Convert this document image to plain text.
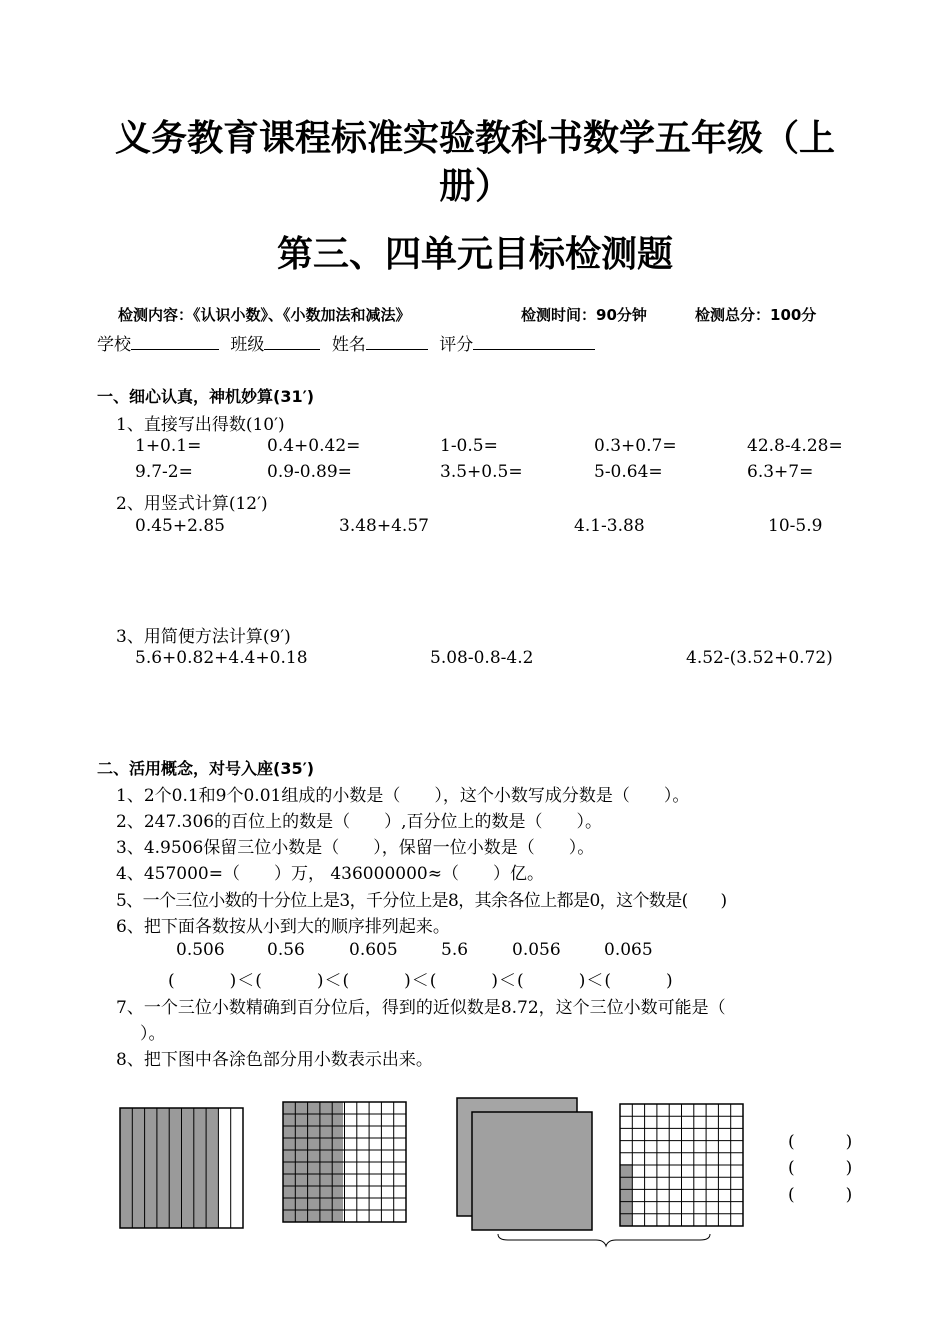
义务教育课程标准实验教科书数学五年级（上
册）
第三、四单元目标检测题
检测内容：《认识小数》、《小数加法和减法》	检测时间：90分钟	检测总分：100分
学校	班级	姓名	评分
一、细心认真，神机妙算(31′)
1、直接写出得数(10′)
1+0.1=	0.4+0.42=	1-0.5=	0.3+0.7=	42.8-4.28=
9.7-2=	0.9-0.89=	3.5+0.5=	5-0.64=	6.3+7=
2、用竖式计算(12′)
0.45+2.85	3.48+4.57	4.1-3.88	10-5.9
3、用简便方法计算(9′)
5.6+0.82+4.4+0.18	5.08-0.8-4.2	4.52-(3.52+0.72)
二、活用概念，对号入座(35′)
1、2个0.1和9个0.01组成的小数是（　　），这个小数写成分数是（　　）。
2、247.306的百位上的数是（　　）,百分位上的数是（　　）。
3、4.9506保留三位小数是（　　），保留一位小数是（　　）。
4、457000=（　　）万， 436000000≈（　　）亿。
5、一个三位小数的十分位上是3，千分位上是8，其余各位上都是0，这个数是(　　)
6、把下面各数按从小到大的顺序排列起来。
0.506 0.56	0.605	5.6	0.056	0.065
(　　　)＜(　　　)＜(　　　)＜(　　　)＜(　　　)＜(　　　)
7、一个三位小数精确到百分位后，得到的近似数是8.72，这个三位小数可能是（
）。
8、把下图中各涂色部分用小数表示出来。
(　　　)
(　　　)
(　　　)
